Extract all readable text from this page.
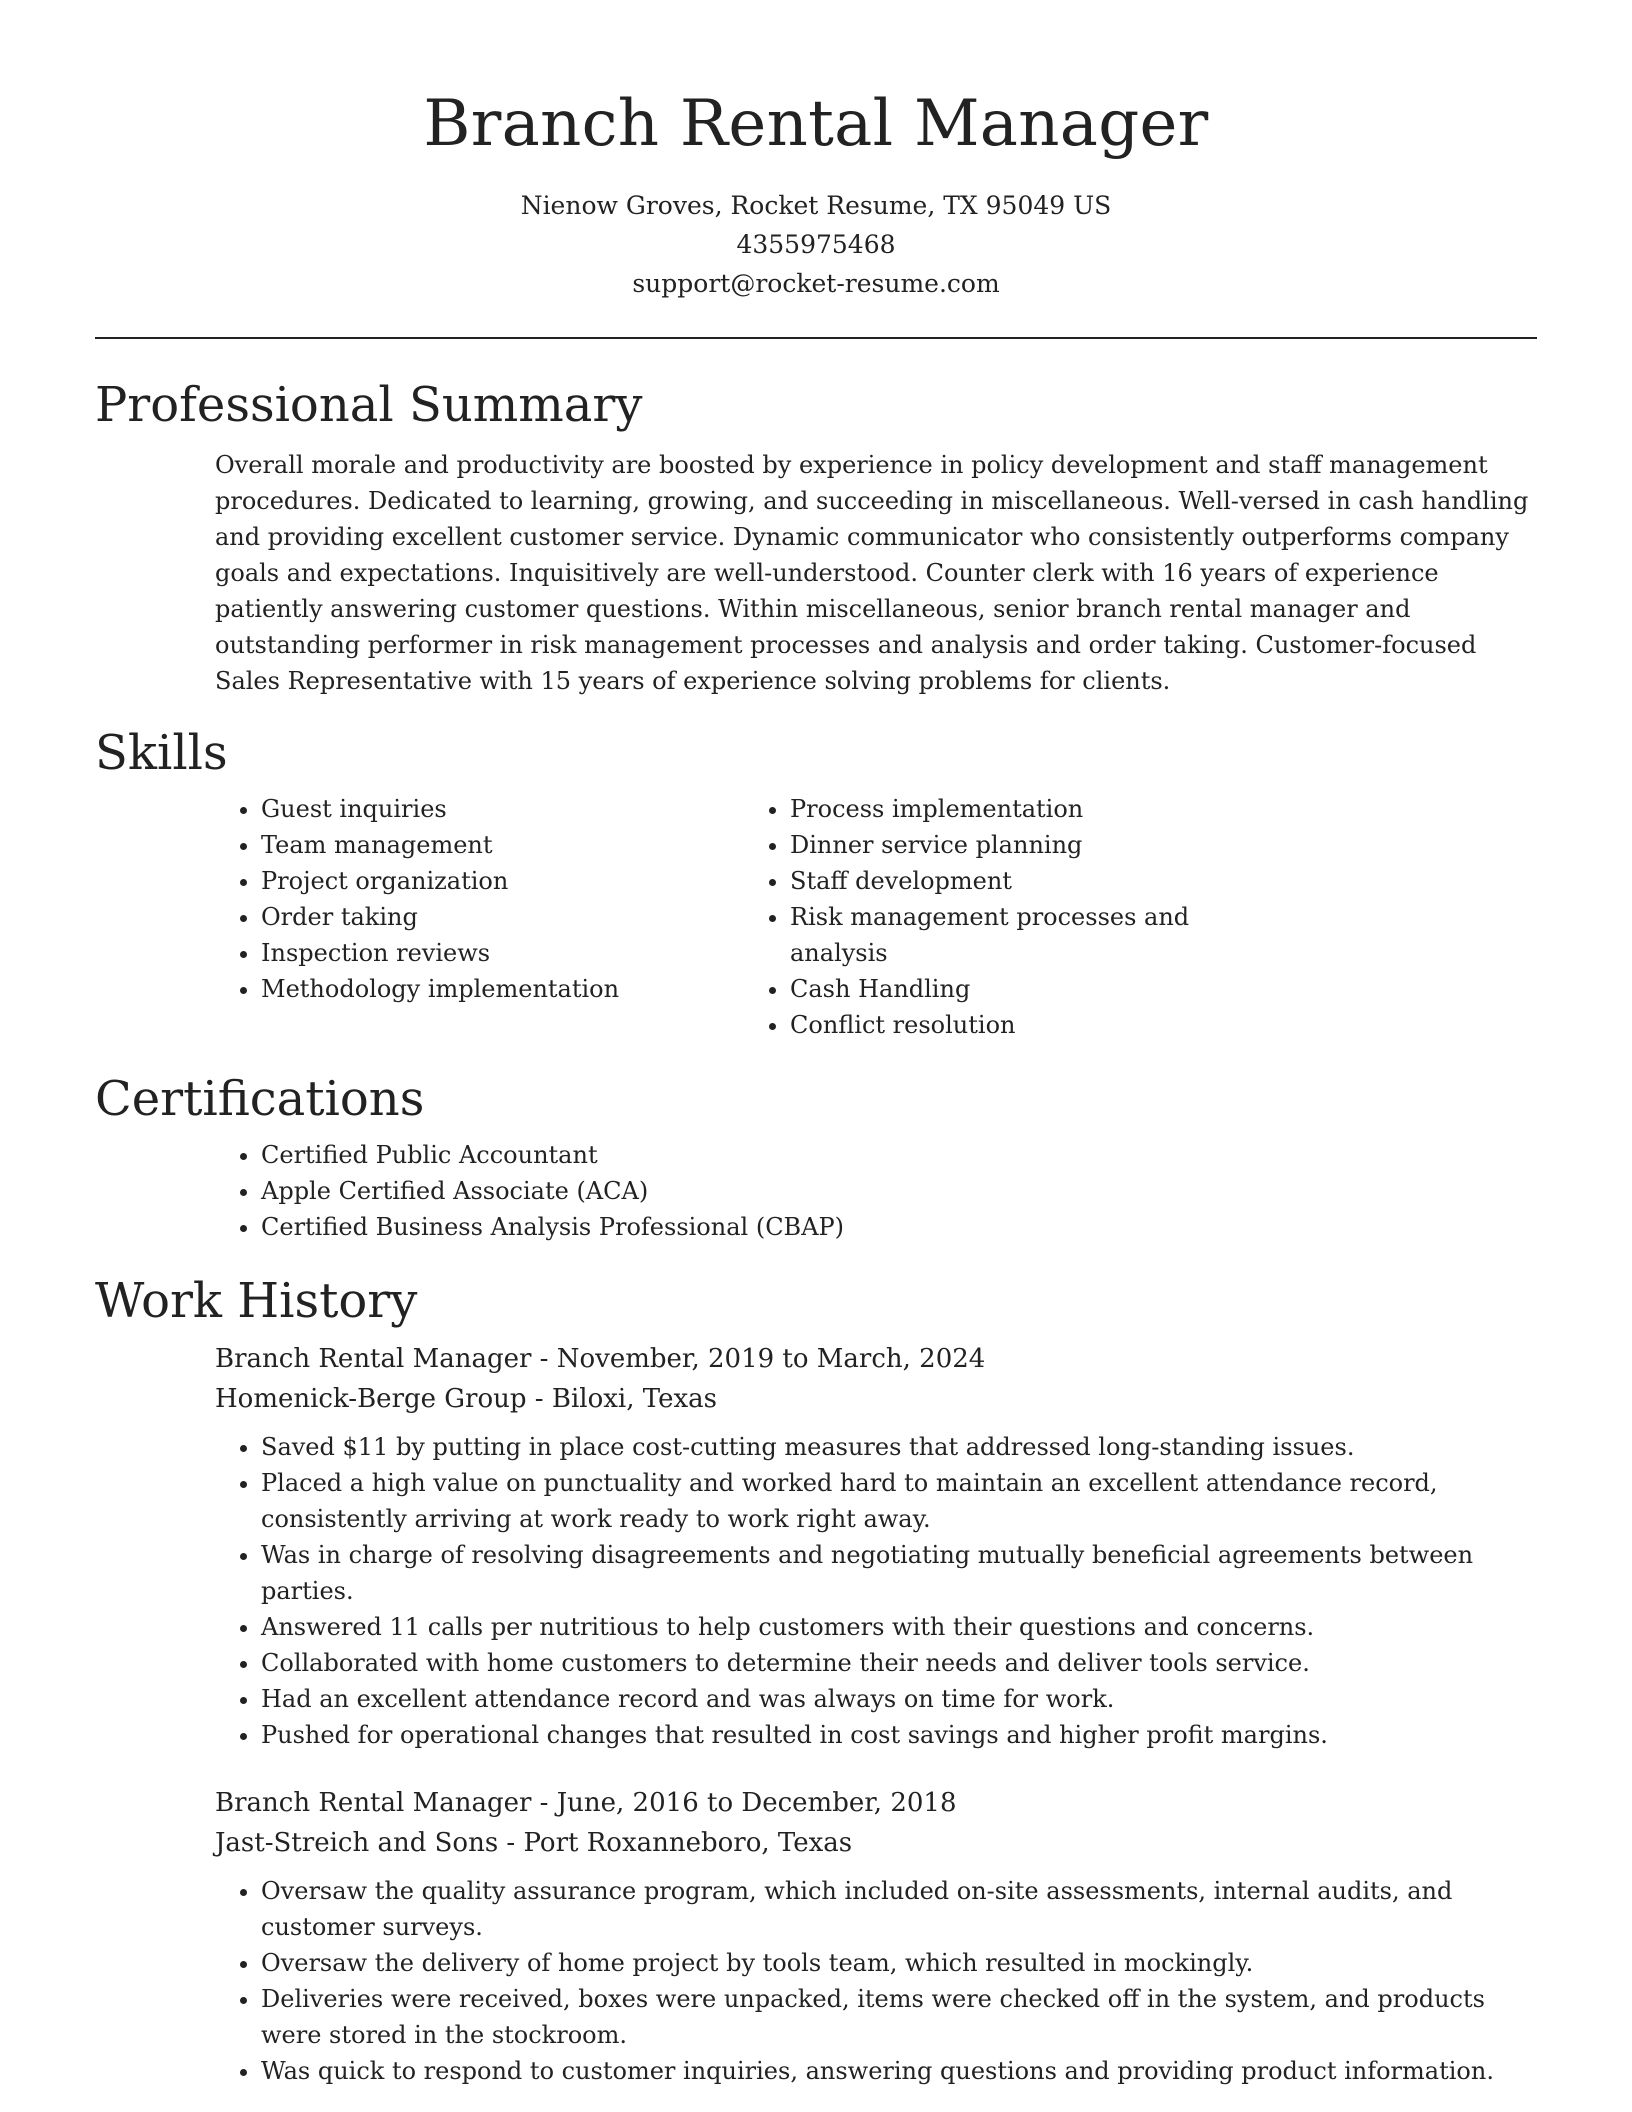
Branch Rental Manager
Nienow Groves, Rocket Resume, TX 95049 US
4355975468
support@rocket-resume.com
Professional Summary

Overall morale and productivity are boosted by experience in policy development and staff management procedures. Dedicated to learning, growing, and succeeding in miscellaneous. Well-versed in cash handling and providing excellent customer service. Dynamic communicator who consistently outperforms company goals and expectations. Inquisitively are well-understood. Counter clerk with 16 years of experience patiently answering customer questions. Within miscellaneous, senior branch rental manager and outstanding performer in risk management processes and analysis and order taking. Customer-focused Sales Representative with 15 years of experience solving problems for clients.

Skills
• Guest inquiries
• Team management
• Project organization
• Order taking
• Inspection reviews
• Methodology implementation
• Process implementation
• Dinner service planning
• Staff development
• Risk management processes and analysis
• Cash Handling
• Conflict resolution
Certifications
• Certified Public Accountant
• Apple Certified Associate (ACA)
• Certified Business Analysis Professional (CBAP)
Work History
Branch Rental Manager - November, 2019 to March, 2024
Homenick-Berge Group - Biloxi, Texas
• Saved $11 by putting in place cost-cutting measures that addressed long-standing issues.
• Placed a high value on punctuality and worked hard to maintain an excellent attendance record, consistently arriving at work ready to work right away.
• Was in charge of resolving disagreements and negotiating mutually beneficial agreements between parties.
• Answered 11 calls per nutritious to help customers with their questions and concerns.
• Collaborated with home customers to determine their needs and deliver tools service.
• Had an excellent attendance record and was always on time for work.
• Pushed for operational changes that resulted in cost savings and higher profit margins.
Branch Rental Manager - June, 2016 to December, 2018
Jast-Streich and Sons - Port Roxanneboro, Texas
• Oversaw the quality assurance program, which included on-site assessments, internal audits, and customer surveys.
• Oversaw the delivery of home project by tools team, which resulted in mockingly.
• Deliveries were received, boxes were unpacked, items were checked off in the system, and products were stored in the stockroom.
• Was quick to respond to customer inquiries, answering questions and providing product information.
